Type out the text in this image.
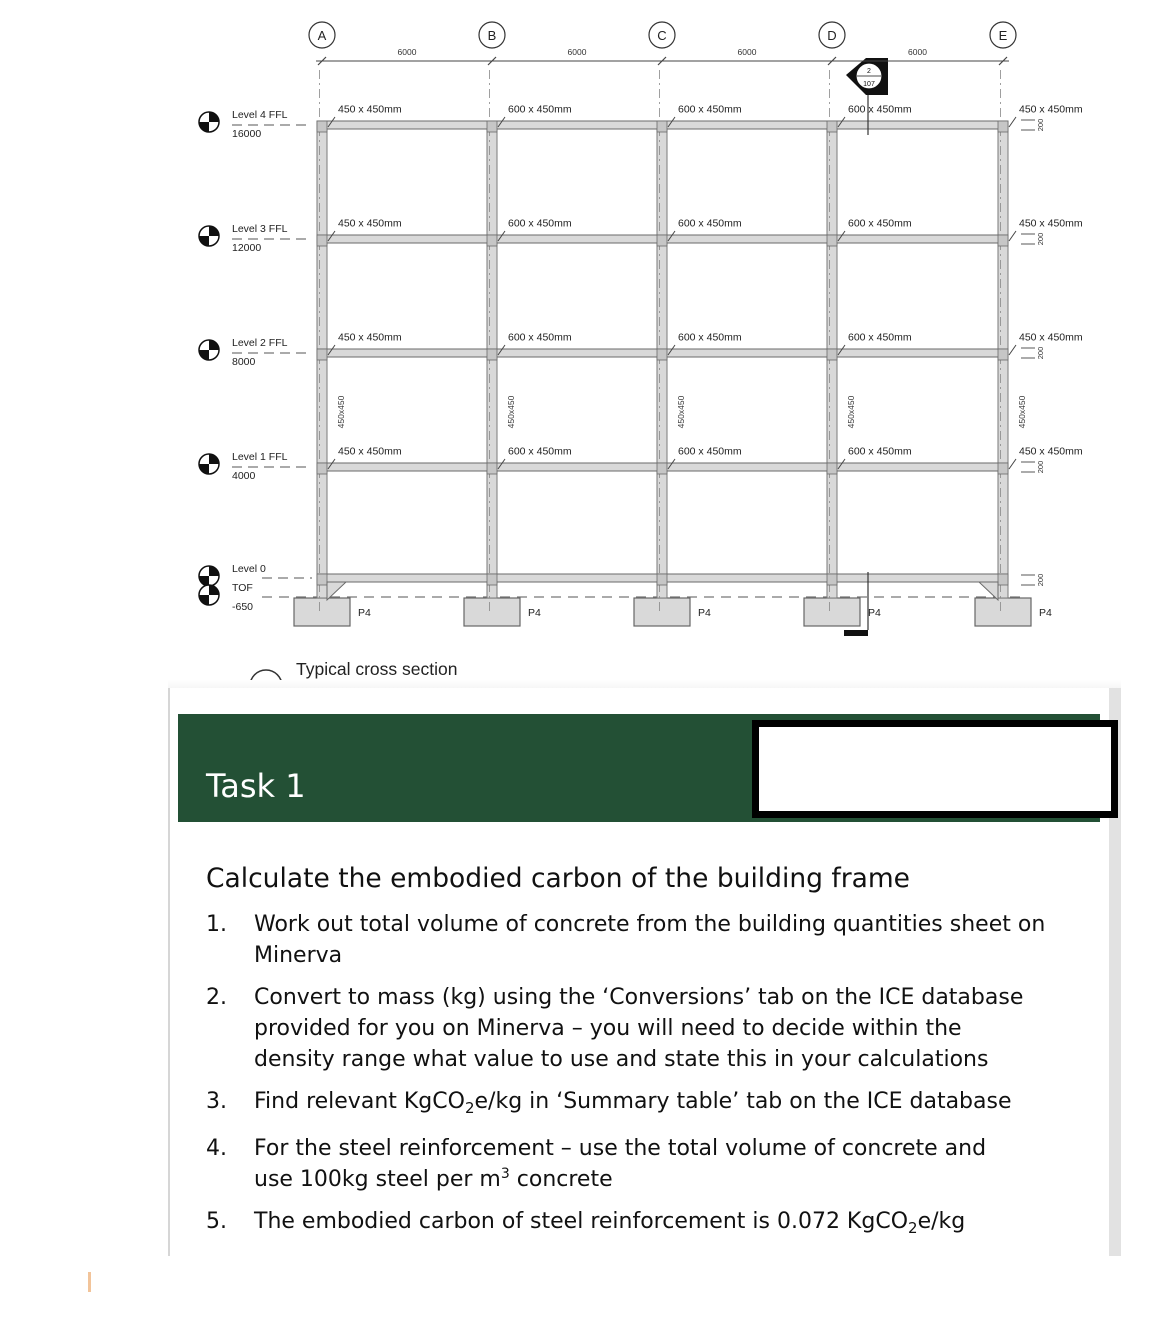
2
107
A	B	C	D	E
6000	6000	6000	6000
Level 4 FFL
16000
Level 3 FFL
12000
Level 2 FFL
8000
Level 1 FFL
4000
Level 0
TOF
-650
450 x 450mm	600 x 450mm	600 x 450mm	600 x 450mm	450 x 450mm
200
450 x 450mm	600 x 450mm	600 x 450mm	600 x 450mm	450 x 450mm
200
450 x 450mm	600 x 450mm	600 x 450mm	600 x 450mm	450 x 450mm
200
450 x 450mm	600 x 450mm	600 x 450mm	600 x 450mm	450 x 450mm
200
200
450x450	450x450	450x450	450x450	450x450
P4	P4	P4	P4	P4
Typical cross section
Task 1
Calculate the embodied carbon of the building frame
1.	Work out total volume of concrete from the building quantities sheet on Minerva
2.	Convert to mass (kg) using the ‘Conversions’ tab on the ICE database provided for you on Minerva – you will need to decide within the density range what value to use and state this in your calculations
3.	Find relevant KgCO$_2$e/kg in ‘Summary table’ tab on the ICE database
4.	For the steel reinforcement – use the total volume of concrete and use 100kg steel per $m^3$ concrete
5.	The embodied carbon of steel reinforcement is 0.072 KgCO$_2$e/kg
